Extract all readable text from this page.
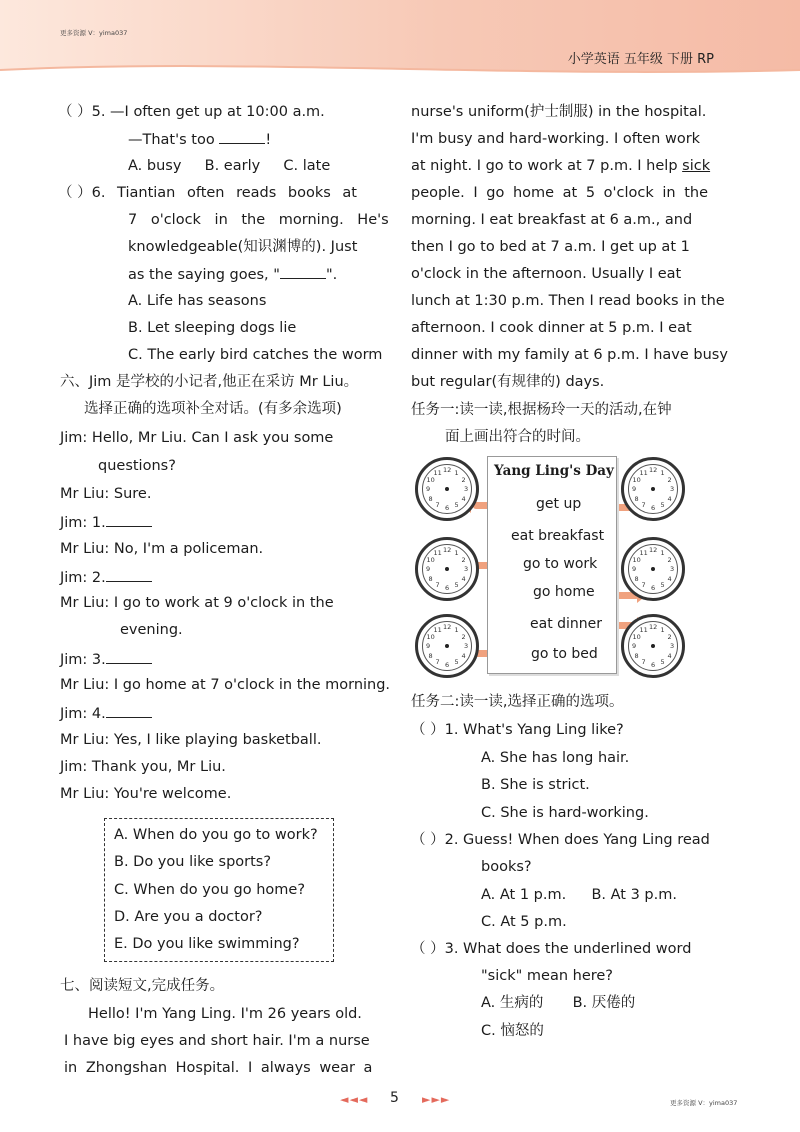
更多资源 V：yima037
小学英语 五年级 下册 RP
（ ）5. —I often get up at 10:00 a.m.
—That's too	!
A. busy B. early C. late
（ ）6. Tiantian often reads books at
7 o'clock in the morning. He's
knowledgeable(知识渊博的). Just
as the saying goes, "	".
A. Life has seasons
B. Let sleeping dogs lie
C. The early bird catches the worm
六、Jim 是学校的小记者,他正在采访 Mr Liu。
选择正确的选项补全对话。(有多余选项)
Jim: Hello, Mr Liu. Can I ask you some
questions?
Mr Liu: Sure.
Jim: 1.
Mr Liu: No, I'm a policeman.
Jim: 2.
Mr Liu: I go to work at 9 o'clock in the
evening.
Jim: 3.
Mr Liu: I go home at 7 o'clock in the morning.
Jim: 4.
Mr Liu: Yes, I like playing basketball.
Jim: Thank you, Mr Liu.
Mr Liu: You're welcome.
A. When do you go to work?
B. Do you like sports?
C. When do you go home?
D. Are you a doctor?
E. Do you like swimming?
七、阅读短文,完成任务。
Hello! I'm Yang Ling. I'm 26 years old.
I have big eyes and short hair. I'm a nurse
in Zhongshan Hospital. I always wear a
nurse's uniform(护士制服) in the hospital.
I'm busy and hard-working. I often work
at night. I go to work at 7 p.m. I help sick
people. I go home at 5 o'clock in the
morning. I eat breakfast at 6 a.m., and
then I go to bed at 7 a.m. I get up at 1
o'clock in the afternoon. Usually I eat
lunch at 1:30 p.m. Then I read books in the
afternoon. I cook dinner at 5 p.m. I eat
dinner with my family at 6 p.m. I have busy
but regular(有规律的) days.
任务一:读一读,根据杨玲一天的活动,在钟
面上画出符合的时间。
Yang Ling's Day
get up
eat breakfast
go to work
go home
eat dinner
go to bed
12 1
2
3
4
5
6
7
8
9
10
11	12 1
2
3
4
5
6
7
8
9
10
11
12 1
2
3
4
5
6
7
8
9
10
11	12 1
2
3
4
5
6
7
8
9
10
11
12 1
2
3
4
5
6
7
8
9
10
11	12 1
2
3
4
5
6
7
8
9
10
11
任务二:读一读,选择正确的选项。
（ ）1. What's Yang Ling like?
A. She has long hair.
B. She is strict.
C. She is hard-working.
（ ）2. Guess! When does Yang Ling read
books?
A. At 1 p.m. B. At 3 p.m.
C. At 5 p.m.
（ ）3. What does the underlined word
"sick" mean here?
A. 生病的 B. 厌倦的
C. 恼怒的
◄◄◄ 5 ►►►	更多资源 V：yima037
